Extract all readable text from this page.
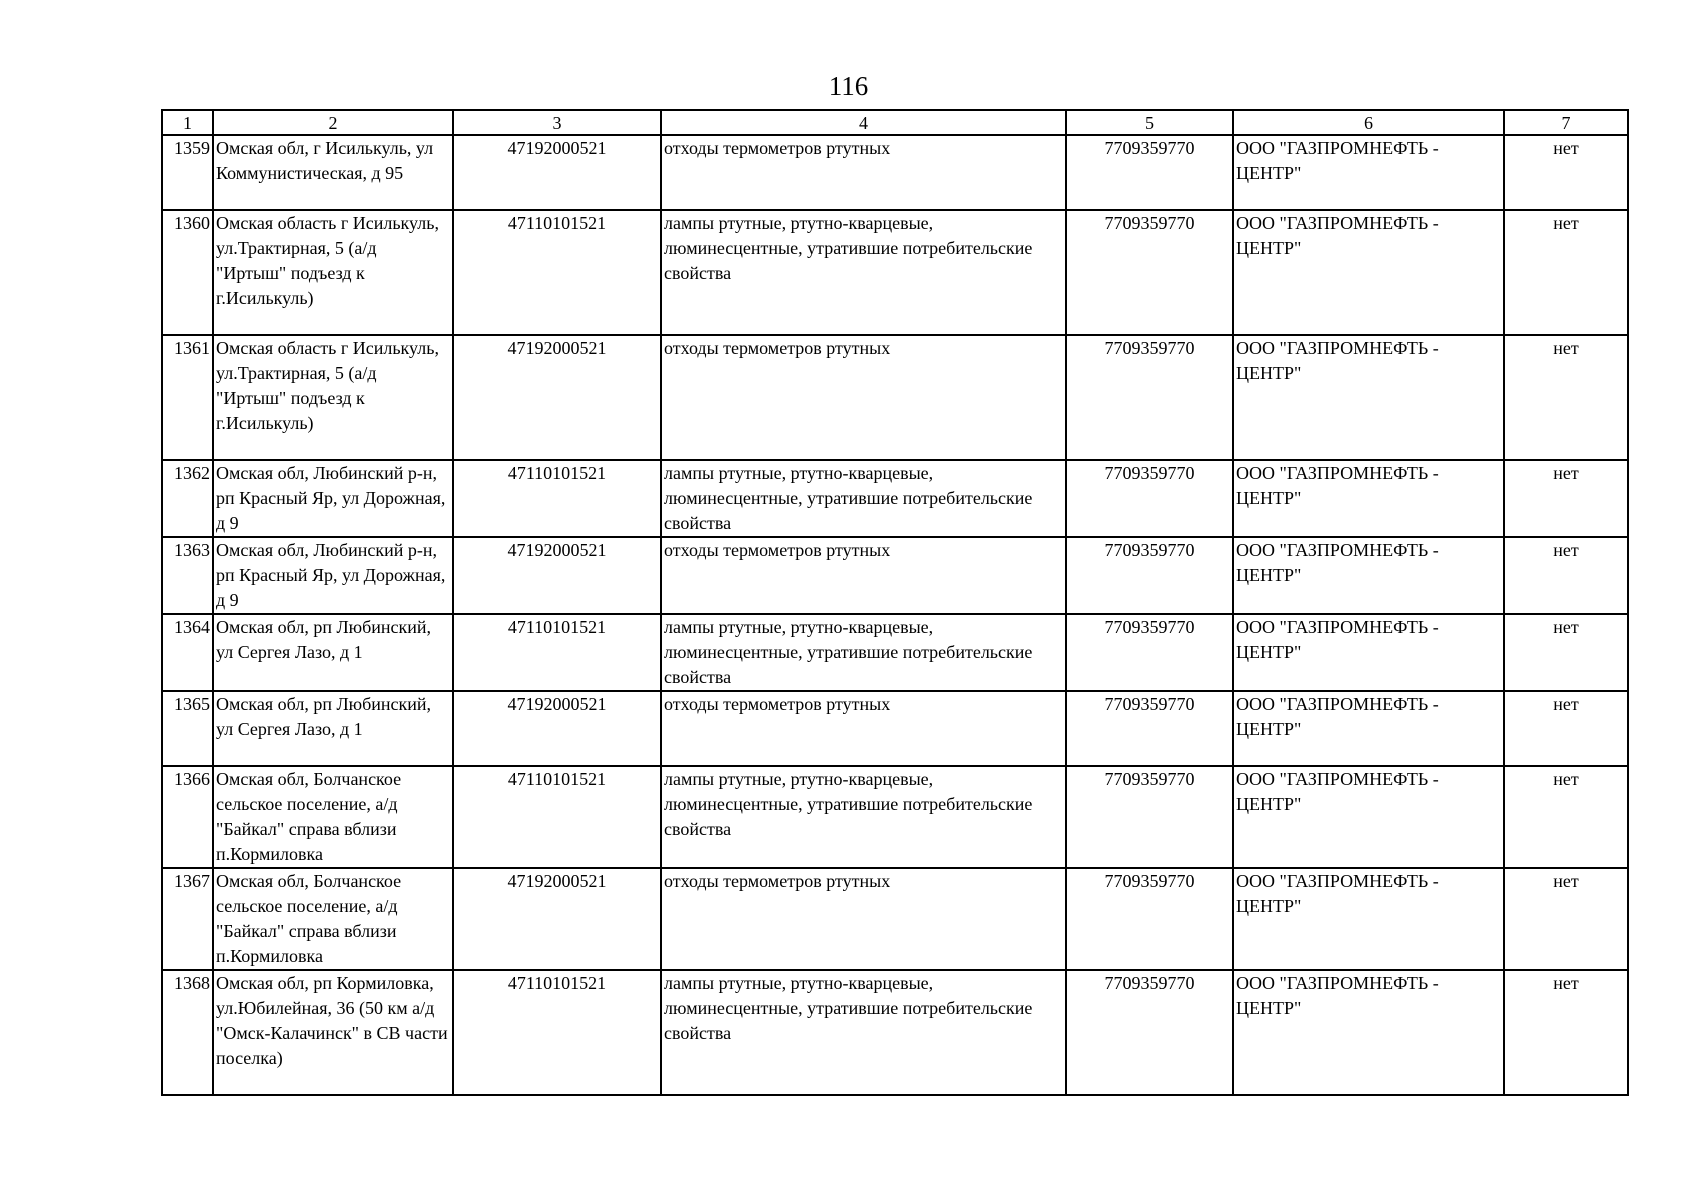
116
1	2	3	4	5	6	7
1359	Омская обл, г Исилькуль, ул Коммунистическая, д 95	47192000521	отходы термометров ртутных	7709359770	ООО "ГАЗПРОМНЕФТЬ - ЦЕНТР"	нет
1360	Омская область г Исилькуль, ул.Трактирная, 5 (а/д "Иртыш" подъезд к г.Исилькуль)	47110101521	лампы ртутные, ртутно-кварцевые, люминесцентные, утратившие потребительские свойства	7709359770	ООО "ГАЗПРОМНЕФТЬ - ЦЕНТР"	нет
1361	Омская область г Исилькуль, ул.Трактирная, 5 (а/д "Иртыш" подъезд к г.Исилькуль)	47192000521	отходы термометров ртутных	7709359770	ООО "ГАЗПРОМНЕФТЬ - ЦЕНТР"	нет
1362	Омская обл, Любинский р-н, рп Красный Яр, ул Дорожная, д 9	47110101521	лампы ртутные, ртутно-кварцевые, люминесцентные, утратившие потребительские свойства	7709359770	ООО "ГАЗПРОМНЕФТЬ - ЦЕНТР"	нет
1363	Омская обл, Любинский р-н, рп Красный Яр, ул Дорожная, д 9	47192000521	отходы термометров ртутных	7709359770	ООО "ГАЗПРОМНЕФТЬ - ЦЕНТР"	нет
1364	Омская обл, рп Любинский, ул Сергея Лазо, д 1	47110101521	лампы ртутные, ртутно-кварцевые, люминесцентные, утратившие потребительские свойства	7709359770	ООО "ГАЗПРОМНЕФТЬ - ЦЕНТР"	нет
1365	Омская обл, рп Любинский, ул Сергея Лазо, д 1	47192000521	отходы термометров ртутных	7709359770	ООО "ГАЗПРОМНЕФТЬ - ЦЕНТР"	нет
1366	Омская обл, Болчанское сельское поселение, а/д "Байкал" справа вблизи п.Кормиловка	47110101521	лампы ртутные, ртутно-кварцевые, люминесцентные, утратившие потребительские свойства	7709359770	ООО "ГАЗПРОМНЕФТЬ - ЦЕНТР"	нет
1367	Омская обл, Болчанское сельское поселение, а/д "Байкал" справа вблизи п.Кормиловка	47192000521	отходы термометров ртутных	7709359770	ООО "ГАЗПРОМНЕФТЬ - ЦЕНТР"	нет
1368	Омская обл, рп Кормиловка, ул.Юбилейная, 36 (50 км а/д "Омск-Калачинск" в СВ части поселка)	47110101521	лампы ртутные, ртутно-кварцевые, люминесцентные, утратившие потребительские свойства	7709359770	ООО "ГАЗПРОМНЕФТЬ - ЦЕНТР"	нет
